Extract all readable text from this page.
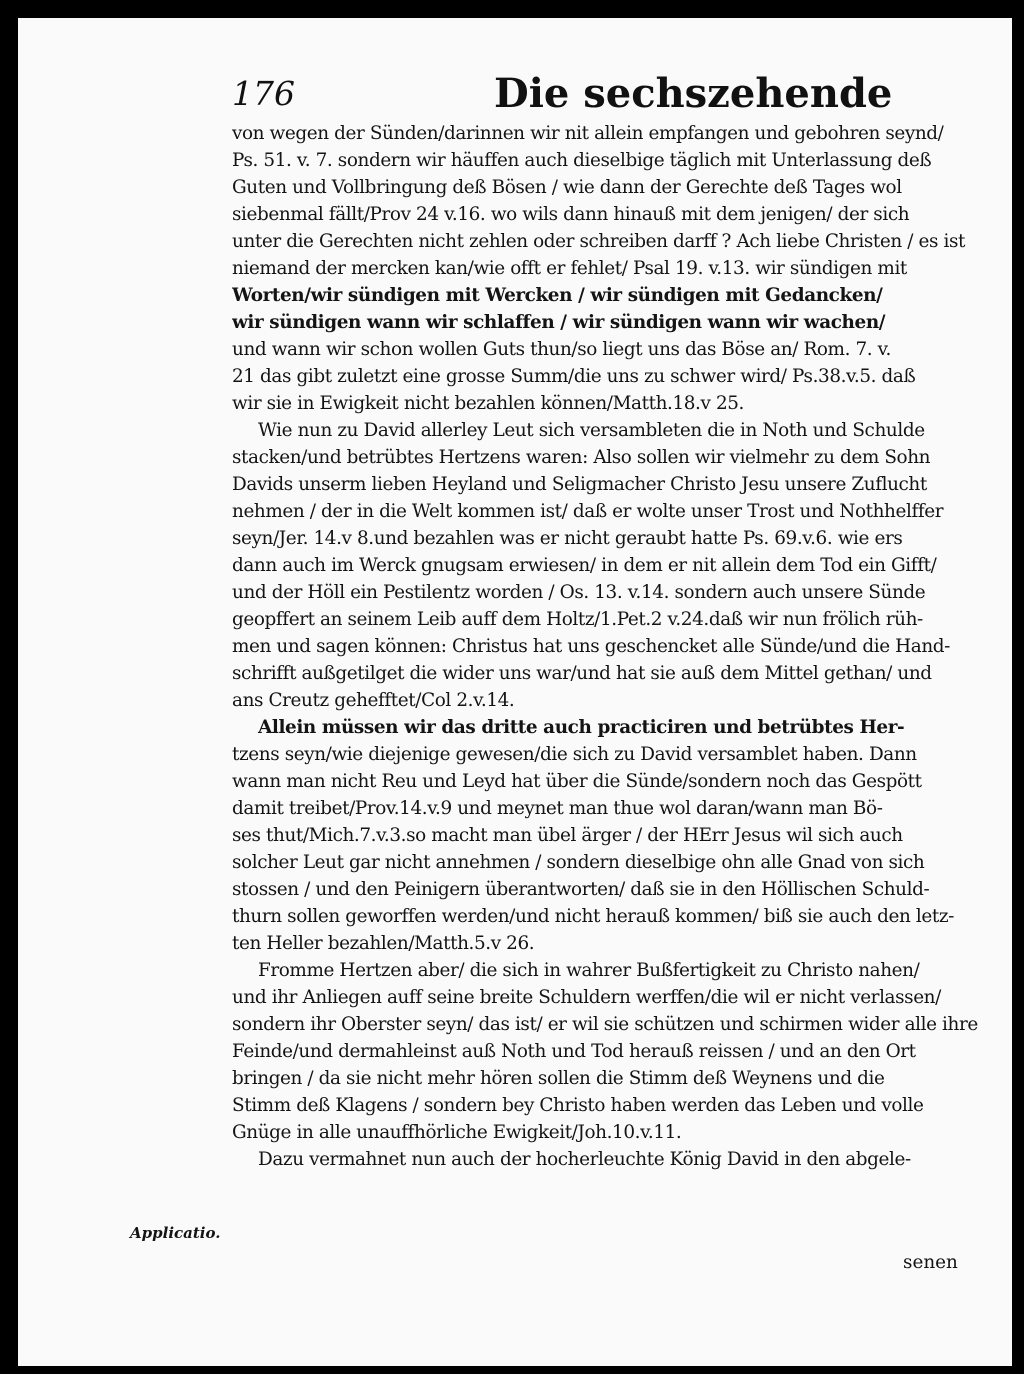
176	Die sechszehende
von wegen der Sünden/darinnen wir nit allein empfangen und gebohren seynd/
Ps. 51. v. 7. sondern wir häuffen auch dieselbige täglich mit Unterlassung deß
Guten und Vollbringung deß Bösen / wie dann der Gerechte deß Tages wol
siebenmal fällt/Prov 24 v.16. wo wils dann hinauß mit dem jenigen/ der sich
unter die Gerechten nicht zehlen oder schreiben darff ? Ach liebe Christen / es ist
niemand der mercken kan/wie offt er fehlet/ Psal 19. v.13. wir sündigen mit
Worten/wir sündigen mit Wercken / wir sündigen mit Gedancken/
wir sündigen wann wir schlaffen / wir sündigen wann wir wachen/
und wann wir schon wollen Guts thun/so liegt uns das Böse an/ Rom. 7. v.
21 das gibt zuletzt eine grosse Summ/die uns zu schwer wird/ Ps.38.v.5. daß
wir sie in Ewigkeit nicht bezahlen können/Matth.18.v 25.
Wie nun zu David allerley Leut sich versambleten die in Noth und Schulde
stacken/und betrübtes Hertzens waren: Also sollen wir vielmehr zu dem Sohn
Davids unserm lieben Heyland und Seligmacher Christo Jesu unsere Zuflucht
nehmen / der in die Welt kommen ist/ daß er wolte unser Trost und Nothhelffer
seyn/Jer. 14.v 8.und bezahlen was er nicht geraubt hatte Ps. 69.v.6. wie ers
dann auch im Werck gnugsam erwiesen/ in dem er nit allein dem Tod ein Gifft/
und der Höll ein Pestilentz worden / Os. 13. v.14. sondern auch unsere Sünde
geopffert an seinem Leib auff dem Holtz/1.Pet.2 v.24.daß wir nun frölich rüh-
men und sagen können: Christus hat uns geschencket alle Sünde/und die Hand-
schrifft außgetilget die wider uns war/und hat sie auß dem Mittel gethan/ und
ans Creutz gehefftet/Col 2.v.14.
Allein müssen wir das dritte auch practiciren und betrübtes Her-
tzens seyn/wie diejenige gewesen/die sich zu David versamblet haben. Dann
wann man nicht Reu und Leyd hat über die Sünde/sondern noch das Gespött
damit treibet/Prov.14.v.9 und meynet man thue wol daran/wann man Bö-
ses thut/Mich.7.v.3.so macht man übel ärger / der HErr Jesus wil sich auch
solcher Leut gar nicht annehmen / sondern dieselbige ohn alle Gnad von sich
stossen / und den Peinigern überantworten/ daß sie in den Höllischen Schuld-
thurn sollen geworffen werden/und nicht herauß kommen/ biß sie auch den letz-
ten Heller bezahlen/Matth.5.v 26.
Fromme Hertzen aber/ die sich in wahrer Bußfertigkeit zu Christo nahen/
und ihr Anliegen auff seine breite Schuldern werffen/die wil er nicht verlassen/
sondern ihr Oberster seyn/ das ist/ er wil sie schützen und schirmen wider alle ihre
Feinde/und dermahleinst auß Noth und Tod herauß reissen / und an den Ort
bringen / da sie nicht mehr hören sollen die Stimm deß Weynens und die
Stimm deß Klagens / sondern bey Christo haben werden das Leben und volle
Gnüge in alle unauffhörliche Ewigkeit/Joh.10.v.11.
Dazu vermahnet nun auch der hocherleuchte König David in den abgele-
Applicatio.
senen
